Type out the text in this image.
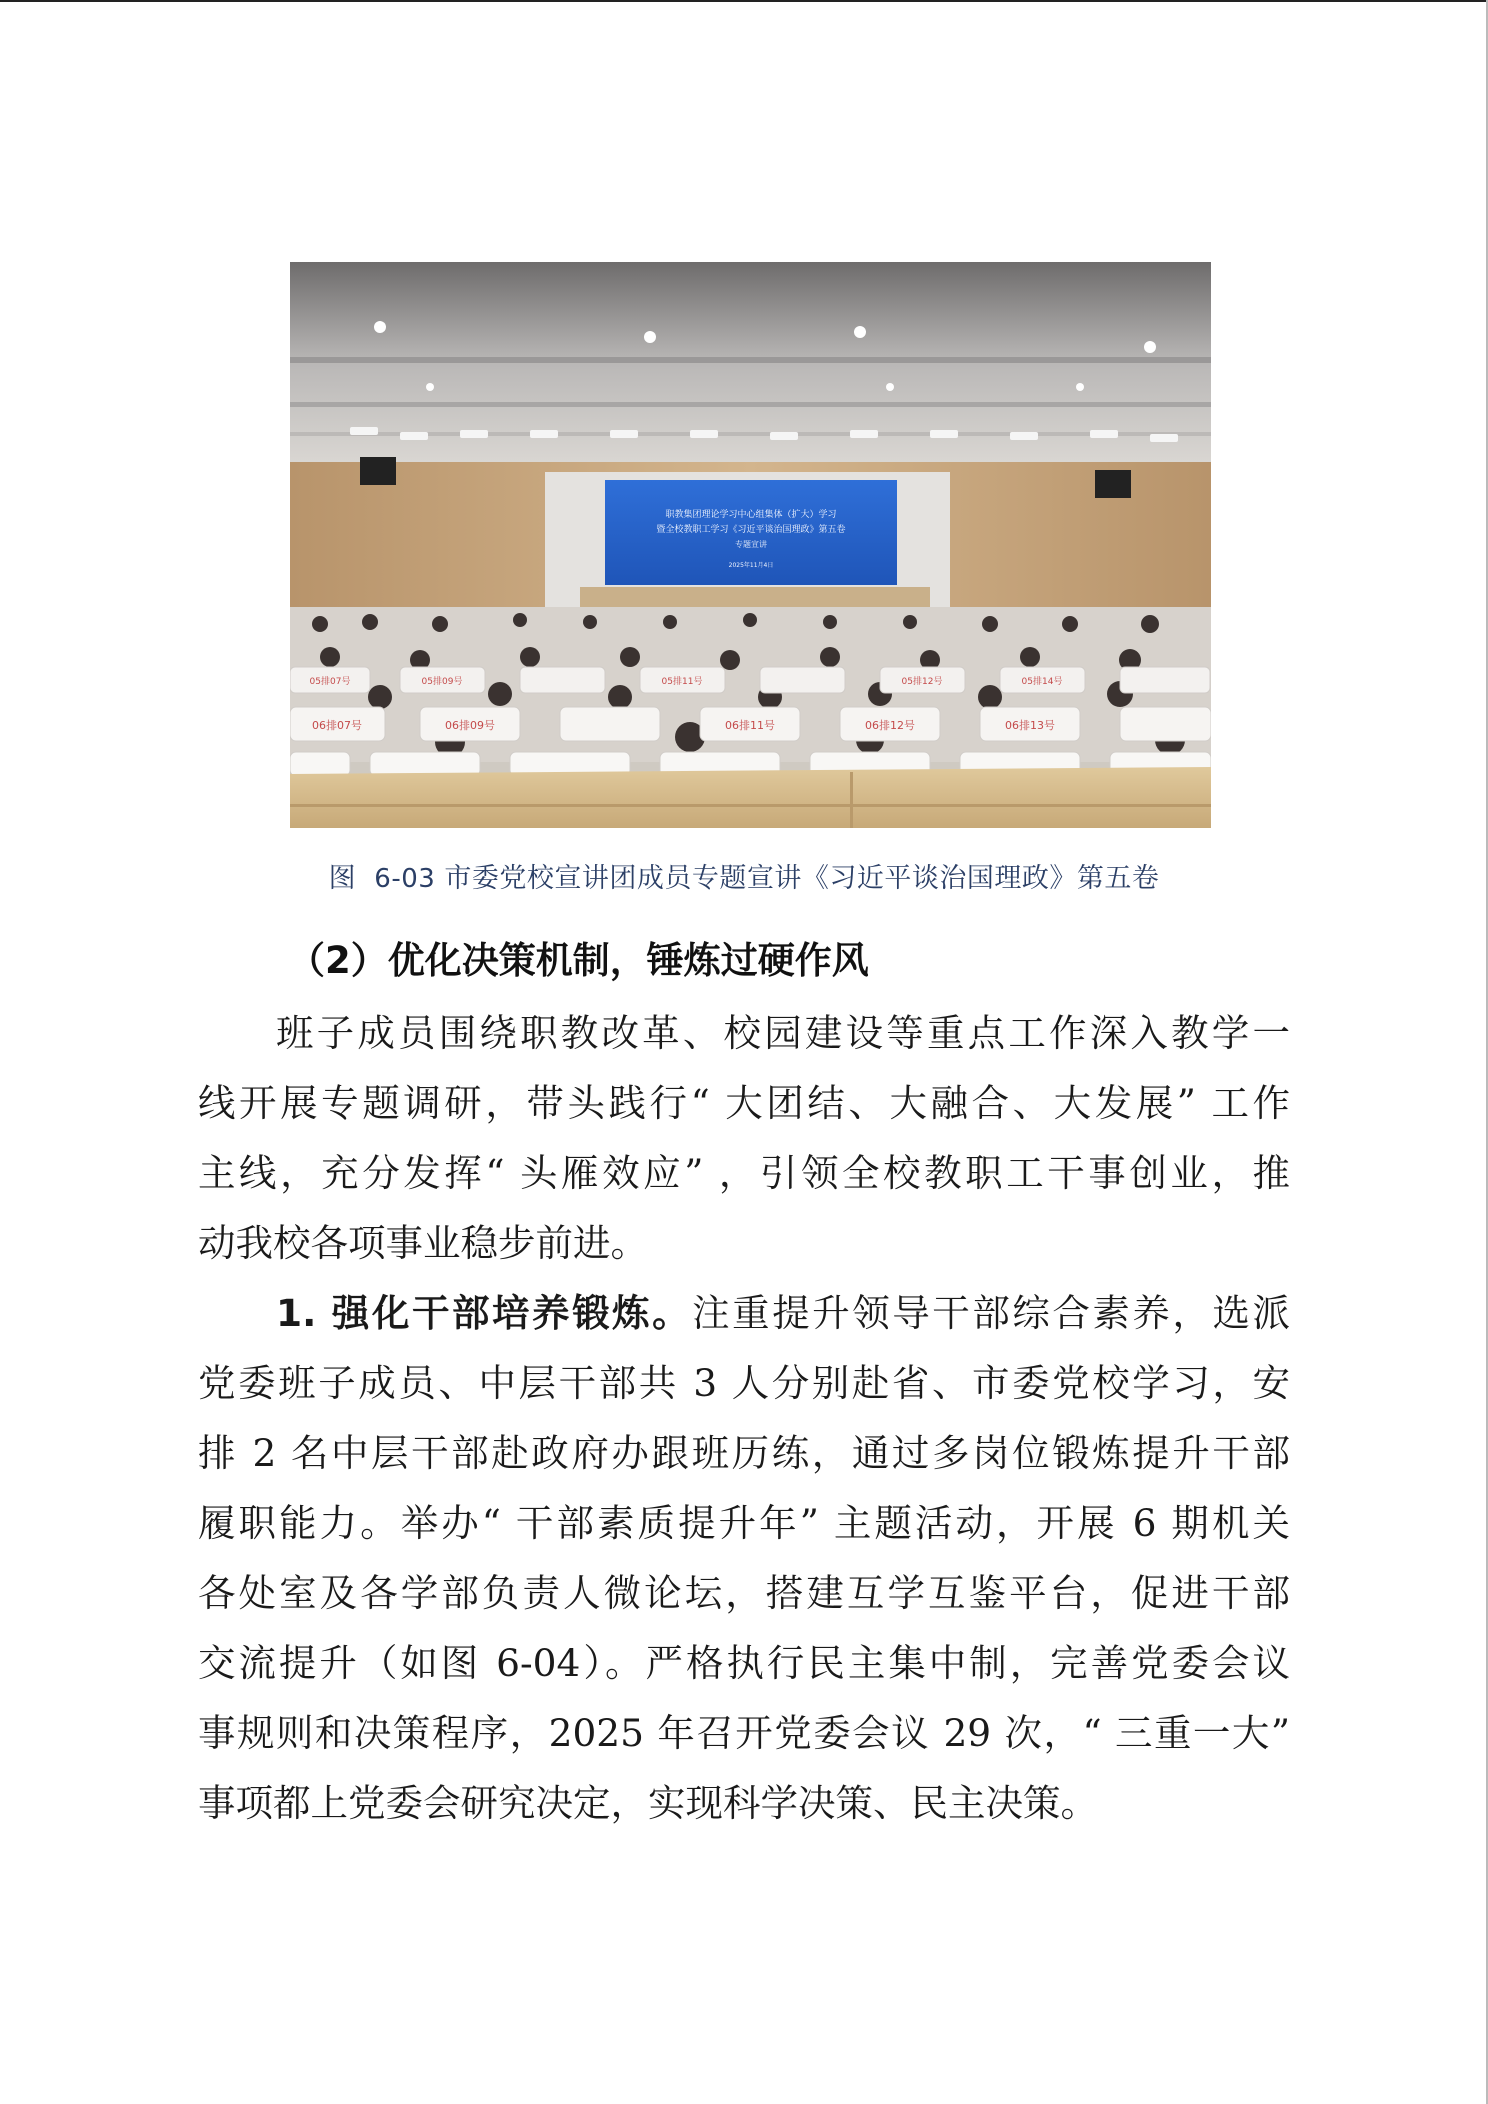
职教集团理论学习中心组集体（扩大）学习
暨全校教职工学习《习近平谈治国理政》第五卷
专题宣讲
2025年11月4日
05排07号	05排09号	05排11号	05排12号	05排14号
06排07号	06排09号	06排11号	06排12号	06排13号
图 6-03 市委党校宣讲团成员专题宣讲《习近平谈治国理政》第五卷
（2）优化决策机制，锤炼过硬作风
班子成员围绕职教改革、校园建设等重点工作深入教学一
线开展专题调研，带头践行“ 大团结、大融合、大发展” 工作
主线，充分发挥“ 头雁效应” ，引领全校教职工干事创业，推
动我校各项事业稳步前进。
1. 强化干部培养锻炼。注重提升领导干部综合素养，选派
党委班子成员、中层干部共 3 人分别赴省、市委党校学习，安
排 2 名中层干部赴政府办跟班历练，通过多岗位锻炼提升干部
履职能力。举办“ 干部素质提升年” 主题活动，开展 6 期机关
各处室及各学部负责人微论坛，搭建互学互鉴平台，促进干部
交流提升（如图 6-04）。严格执行民主集中制，完善党委会议
事规则和决策程序，2025 年召开党委会议 29 次，“ 三重一大”
事项都上党委会研究决定，实现科学决策、民主决策。
